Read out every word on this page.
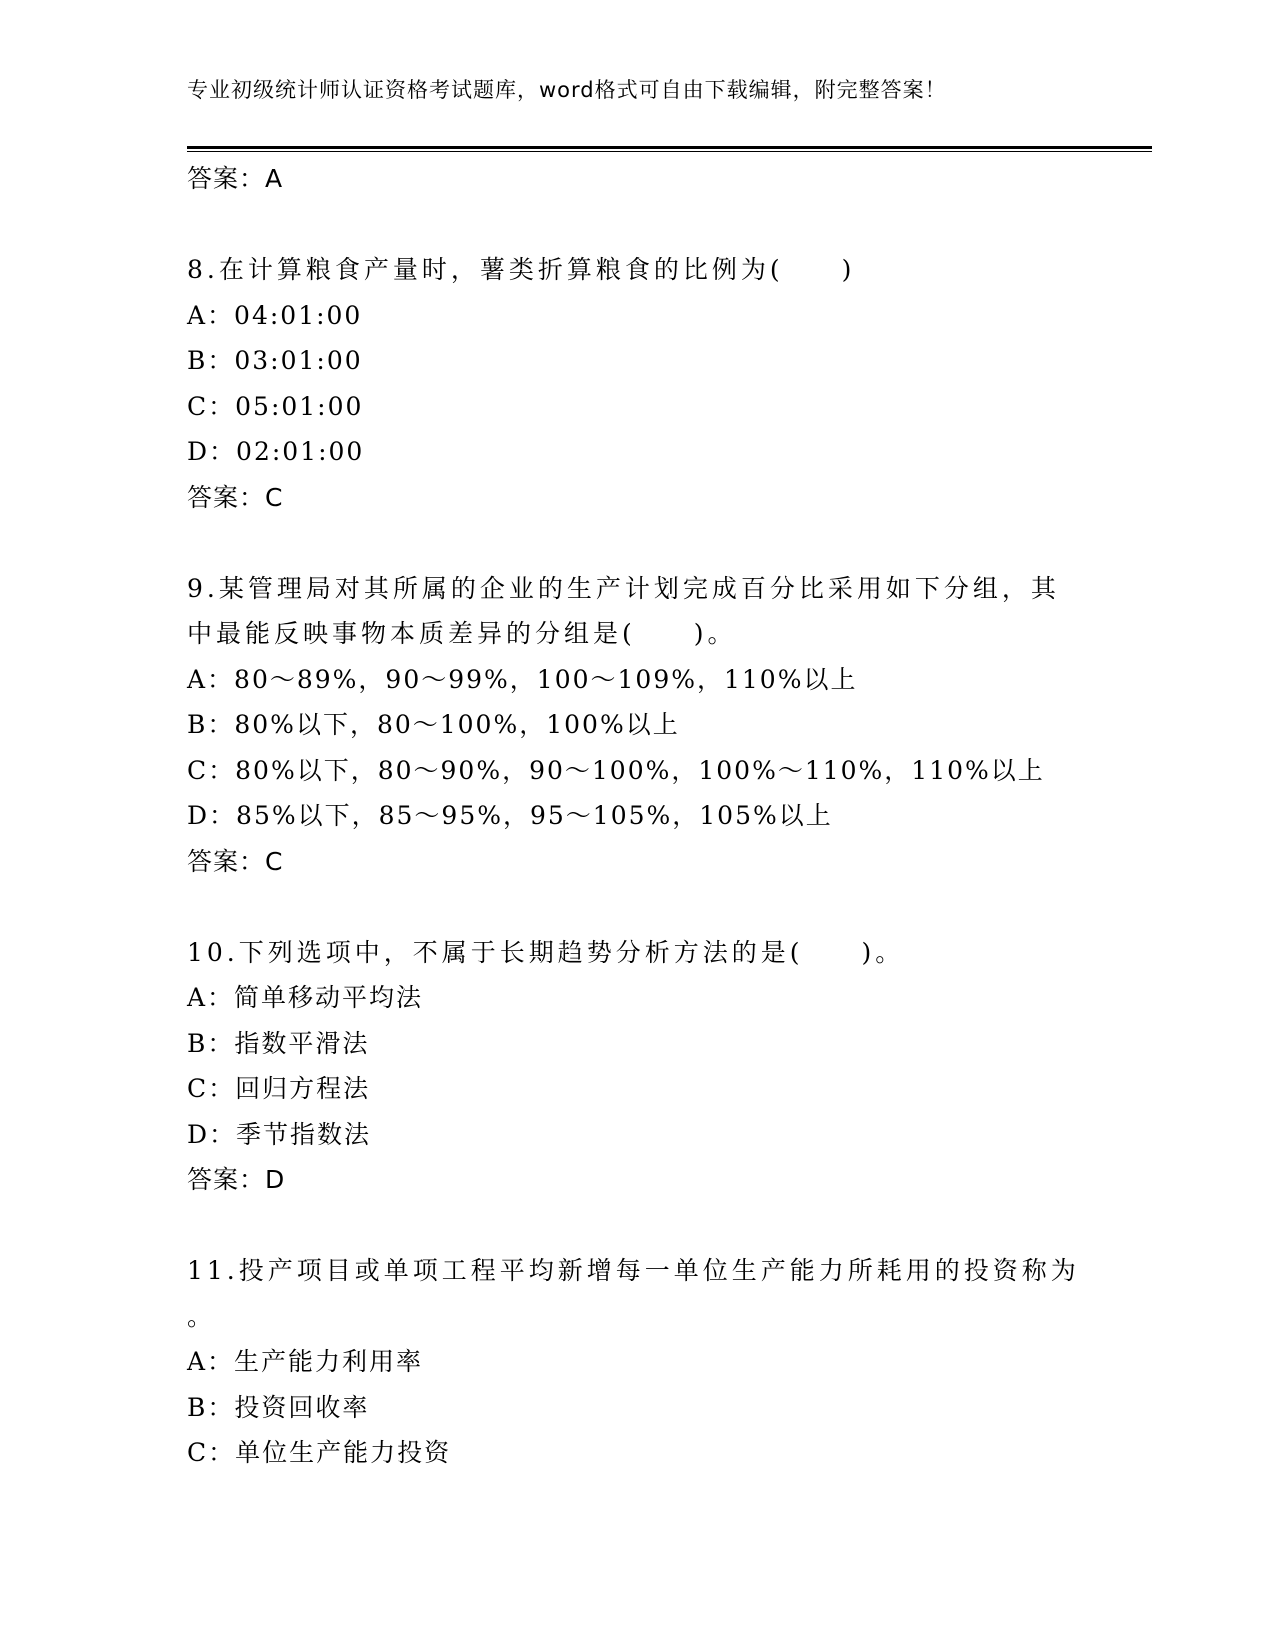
专业初级统计师认证资格考试题库，word格式可自由下载编辑，附完整答案！
答案：A
8.在计算粮食产量时，薯类折算粮食的比例为(　　)
A：04:01:00
B：03:01:00
C：05:01:00
D：02:01:00
答案：C
9.某管理局对其所属的企业的生产计划完成百分比采用如下分组，其
中最能反映事物本质差异的分组是(　　)。
A：80～89%，90～99%，100～109%，110%以上
B：80%以下，80～100%，100%以上
C：80%以下，80～90%，90～100%，100%～110%，110%以上
D：85%以下，85～95%，95～105%，105%以上
答案：C
10.下列选项中，不属于长期趋势分析方法的是(　　)。
A：简单移动平均法
B：指数平滑法
C：回归方程法
D：季节指数法
答案：D
11.投产项目或单项工程平均新增每一单位生产能力所耗用的投资称为
。
A：生产能力利用率
B：投资回收率
C：单位生产能力投资
